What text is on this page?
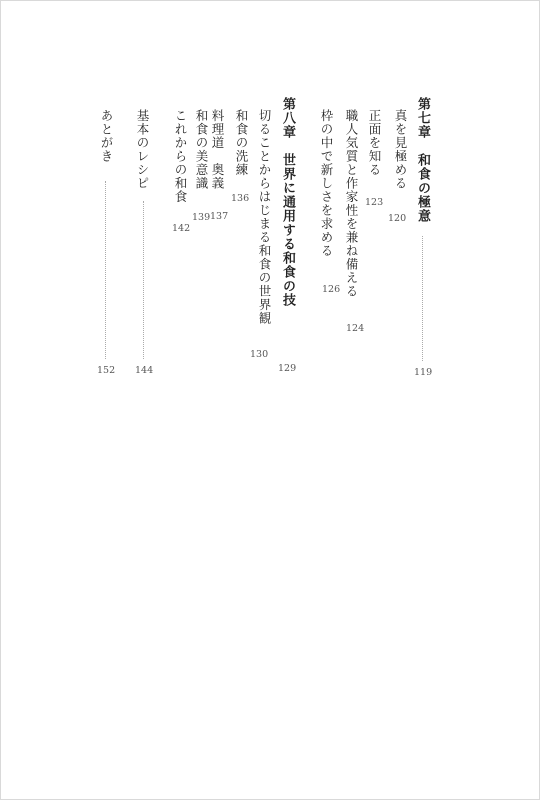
第七章　和食の極意
119
真を見極める
120
正面を知る
123
職人気質と作家性を兼ね備える
124
枠の中で新しさを求める
126
第八章　世界に通用する和食の技
129
切ることからはじまる和食の世界観
130
和食の洗練
136
料理道　奥義
137
和食の美意識
139
これからの和食
142
基本のレシピ
144
あとがき
152
